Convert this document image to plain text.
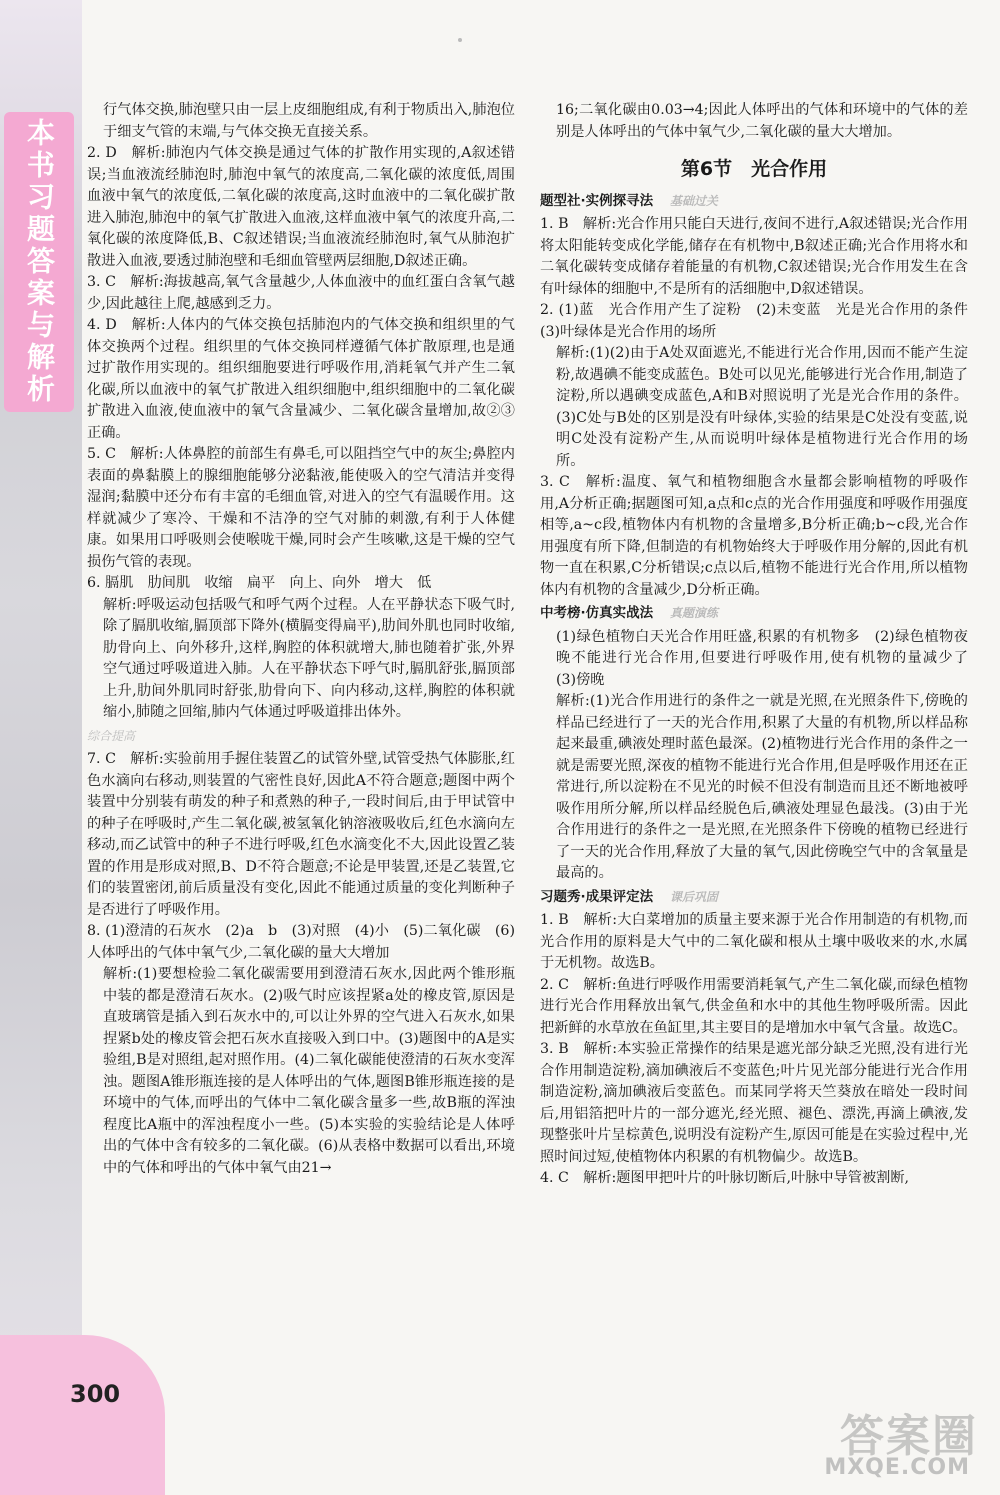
本书习题答案与解析
300

行气体交换,肺泡壁只由一层上皮细胞组成,有利于物质出入,肺泡位于细支气管的末端,与气体交换无直接关系。

2. D　解析:肺泡内气体交换是通过气体的扩散作用实现的,A叙述错误;当血液流经肺泡时,肺泡中氧气的浓度高,二氧化碳的浓度低,周围血液中氧气的浓度低,二氧化碳的浓度高,这时血液中的二氧化碳扩散进入肺泡,肺泡中的氧气扩散进入血液,这样血液中氧气的浓度升高,二氧化碳的浓度降低,B、C叙述错误;当血液流经肺泡时,氧气从肺泡扩散进入血液,要透过肺泡壁和毛细血管壁两层细胞,D叙述正确。

3. C　解析:海拔越高,氧气含量越少,人体血液中的血红蛋白含氧气越少,因此越往上爬,越感到乏力。

4. D　解析:人体内的气体交换包括肺泡内的气体交换和组织里的气体交换两个过程。组织里的气体交换同样遵循气体扩散原理,也是通过扩散作用实现的。组织细胞要进行呼吸作用,消耗氧气并产生二氧化碳,所以血液中的氧气扩散进入组织细胞中,组织细胞中的二氧化碳扩散进入血液,使血液中的氧气含量减少、二氧化碳含量增加,故②③正确。

5. C　解析:人体鼻腔的前部生有鼻毛,可以阻挡空气中的灰尘;鼻腔内表面的鼻黏膜上的腺细胞能够分泌黏液,能使吸入的空气清洁并变得湿润;黏膜中还分布有丰富的毛细血管,对进入的空气有温暖作用。这样就减少了寒冷、干燥和不洁净的空气对肺的刺激,有利于人体健康。如果用口呼吸则会使喉咙干燥,同时会产生咳嗽,这是干燥的空气损伤气管的表现。

6. 膈肌　肋间肌　收缩　扁平　向上、向外　增大　低

解析:呼吸运动包括吸气和呼气两个过程。人在平静状态下吸气时,除了膈肌收缩,膈顶部下降外(横膈变得扁平),肋间外肌也同时收缩,肋骨向上、向外移升,这样,胸腔的体积就增大,肺也随着扩张,外界空气通过呼吸道进入肺。人在平静状态下呼气时,膈肌舒张,膈顶部上升,肋间外肌同时舒张,肋骨向下、向内移动,这样,胸腔的体积就缩小,肺随之回缩,肺内气体通过呼吸道排出体外。

综合提高

7. C　解析:实验前用手握住装置乙的试管外壁,试管受热气体膨胀,红色水滴向右移动,则装置的气密性良好,因此A不符合题意;题图中两个装置中分别装有萌发的种子和煮熟的种子,一段时间后,由于甲试管中的种子在呼吸时,产生二氧化碳,被氢氧化钠溶液吸收后,红色水滴向左移动,而乙试管中的种子不进行呼吸,红色水滴变化不大,因此设置乙装置的作用是形成对照,B、D不符合题意;不论是甲装置,还是乙装置,它们的装置密闭,前后质量没有变化,因此不能通过质量的变化判断种子是否进行了呼吸作用。

8. (1)澄清的石灰水　(2)a　b　(3)对照　(4)小　(5)二氧化碳　(6)人体呼出的气体中氧气少,二氧化碳的量大大增加

解析:(1)要想检验二氧化碳需要用到澄清石灰水,因此两个锥形瓶中装的都是澄清石灰水。(2)吸气时应该捏紧a处的橡皮管,原因是直玻璃管是插入到石灰水中的,可以让外界的空气进入石灰水,如果捏紧b处的橡皮管会把石灰水直接吸入到口中。(3)题图中的A是实验组,B是对照组,起对照作用。(4)二氧化碳能使澄清的石灰水变浑浊。题图A锥形瓶连接的是人体呼出的气体,题图B锥形瓶连接的是环境中的气体,而呼出的气体中二氧化碳含量多一些,故B瓶的浑浊程度比A瓶中的浑浊程度小一些。(5)本实验的实验结论是人体呼出的气体中含有较多的二氧化碳。(6)从表格中数据可以看出,环境中的气体和呼出的气体中氧气由21→

16;二氧化碳由0.03→4;因此人体呼出的气体和环境中的气体的差别是人体呼出的气体中氧气少,二氧化碳的量大大增加。

第6节　光合作用
题型社·实例探寻法 基础过关

1. B　解析:光合作用只能白天进行,夜间不进行,A叙述错误;光合作用将太阳能转变成化学能,储存在有机物中,B叙述正确;光合作用将水和二氧化碳转变成储存着能量的有机物,C叙述错误;光合作用发生在含有叶绿体的细胞中,不是所有的活细胞中,D叙述错误。

2. (1)蓝　光合作用产生了淀粉　(2)未变蓝　光是光合作用的条件　(3)叶绿体是光合作用的场所

解析:(1)(2)由于A处双面遮光,不能进行光合作用,因而不能产生淀粉,故遇碘不能变成蓝色。B处可以见光,能够进行光合作用,制造了淀粉,所以遇碘变成蓝色,A和B对照说明了光是光合作用的条件。(3)C处与B处的区别是没有叶绿体,实验的结果是C处没有变蓝,说明C处没有淀粉产生,从而说明叶绿体是植物进行光合作用的场所。

3. C　解析:温度、氧气和植物细胞含水量都会影响植物的呼吸作用,A分析正确;据题图可知,a点和c点的光合作用强度和呼吸作用强度相等,a~c段,植物体内有机物的含量增多,B分析正确;b~c段,光合作用强度有所下降,但制造的有机物始终大于呼吸作用分解的,因此有机物一直在积累,C分析错误;c点以后,植物不能进行光合作用,所以植物体内有机物的含量减少,D分析正确。

中考榜·仿真实战法 真题演练

(1)绿色植物白天光合作用旺盛,积累的有机物多　(2)绿色植物夜晚不能进行光合作用,但要进行呼吸作用,使有机物的量减少了　(3)傍晚

解析:(1)光合作用进行的条件之一就是光照,在光照条件下,傍晚的样品已经进行了一天的光合作用,积累了大量的有机物,所以样品称起来最重,碘液处理时蓝色最深。(2)植物进行光合作用的条件之一就是需要光照,深夜的植物不能进行光合作用,但是呼吸作用还在正常进行,所以淀粉在不见光的时候不但没有制造而且还不断地被呼吸作用所分解,所以样品经脱色后,碘液处理显色最浅。(3)由于光合作用进行的条件之一是光照,在光照条件下傍晚的植物已经进行了一天的光合作用,释放了大量的氧气,因此傍晚空气中的含氧量是最高的。

习题秀·成果评定法 课后巩固

1. B　解析:大白菜增加的质量主要来源于光合作用制造的有机物,而光合作用的原料是大气中的二氧化碳和根从土壤中吸收来的水,水属于无机物。故选B。

2. C　解析:鱼进行呼吸作用需要消耗氧气,产生二氧化碳,而绿色植物进行光合作用释放出氧气,供金鱼和水中的其他生物呼吸所需。因此把新鲜的水草放在鱼缸里,其主要目的是增加水中氧气含量。故选C。

3. B　解析:本实验正常操作的结果是遮光部分缺乏光照,没有进行光合作用制造淀粉,滴加碘液后不变蓝色;叶片见光部分能进行光合作用制造淀粉,滴加碘液后变蓝色。而某同学将天竺葵放在暗处一段时间后,用铝箔把叶片的一部分遮光,经光照、褪色、漂洗,再滴上碘液,发现整张叶片呈棕黄色,说明没有淀粉产生,原因可能是在实验过程中,光照时间过短,使植物体内积累的有机物偏少。故选B。

4. C　解析:题图甲把叶片的叶脉切断后,叶脉中导管被割断,

答案圈
MXQE.COM
